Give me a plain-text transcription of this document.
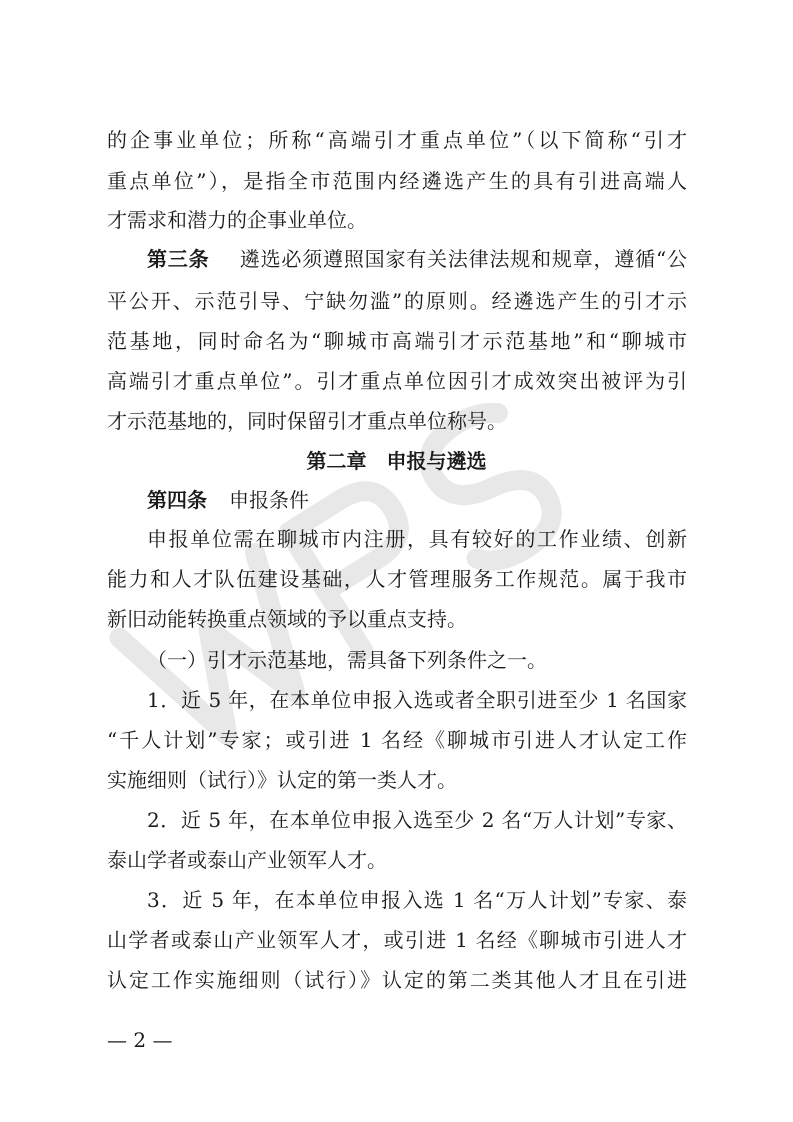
WPS
的企事业单位；所称“高端引才重点单位”（以下简称“引才
重点单位”），是指全市范围内经遴选产生的具有引进高端人
才需求和潜力的企事业单位。
第三条 遴选必须遵照国家有关法律法规和规章，遵循“公
平公开、示范引导、宁缺勿滥”的原则。经遴选产生的引才示
范基地，同时命名为“聊城市高端引才示范基地”和“聊城市
高端引才重点单位”。引才重点单位因引才成效突出被评为引
才示范基地的，同时保留引才重点单位称号。
第二章　申报与遴选
第四条 申报条件
申报单位需在聊城市内注册，具有较好的工作业绩、创新
能力和人才队伍建设基础，人才管理服务工作规范。属于我市
新旧动能转换重点领域的予以重点支持。
（一）引才示范基地，需具备下列条件之一。
1．近 5 年，在本单位申报入选或者全职引进至少 1 名国家
“千人计划”专家；或引进 1 名经《聊城市引进人才认定工作
实施细则（试行）》认定的第一类人才。
2．近 5 年，在本单位申报入选至少 2 名“万人计划”专家、
泰山学者或泰山产业领军人才。
3．近 5 年，在本单位申报入选 1 名“万人计划”专家、泰
山学者或泰山产业领军人才，或引进 1 名经《聊城市引进人才
认定工作实施细则（试行）》认定的第二类其他人才且在引进
— 2 —
